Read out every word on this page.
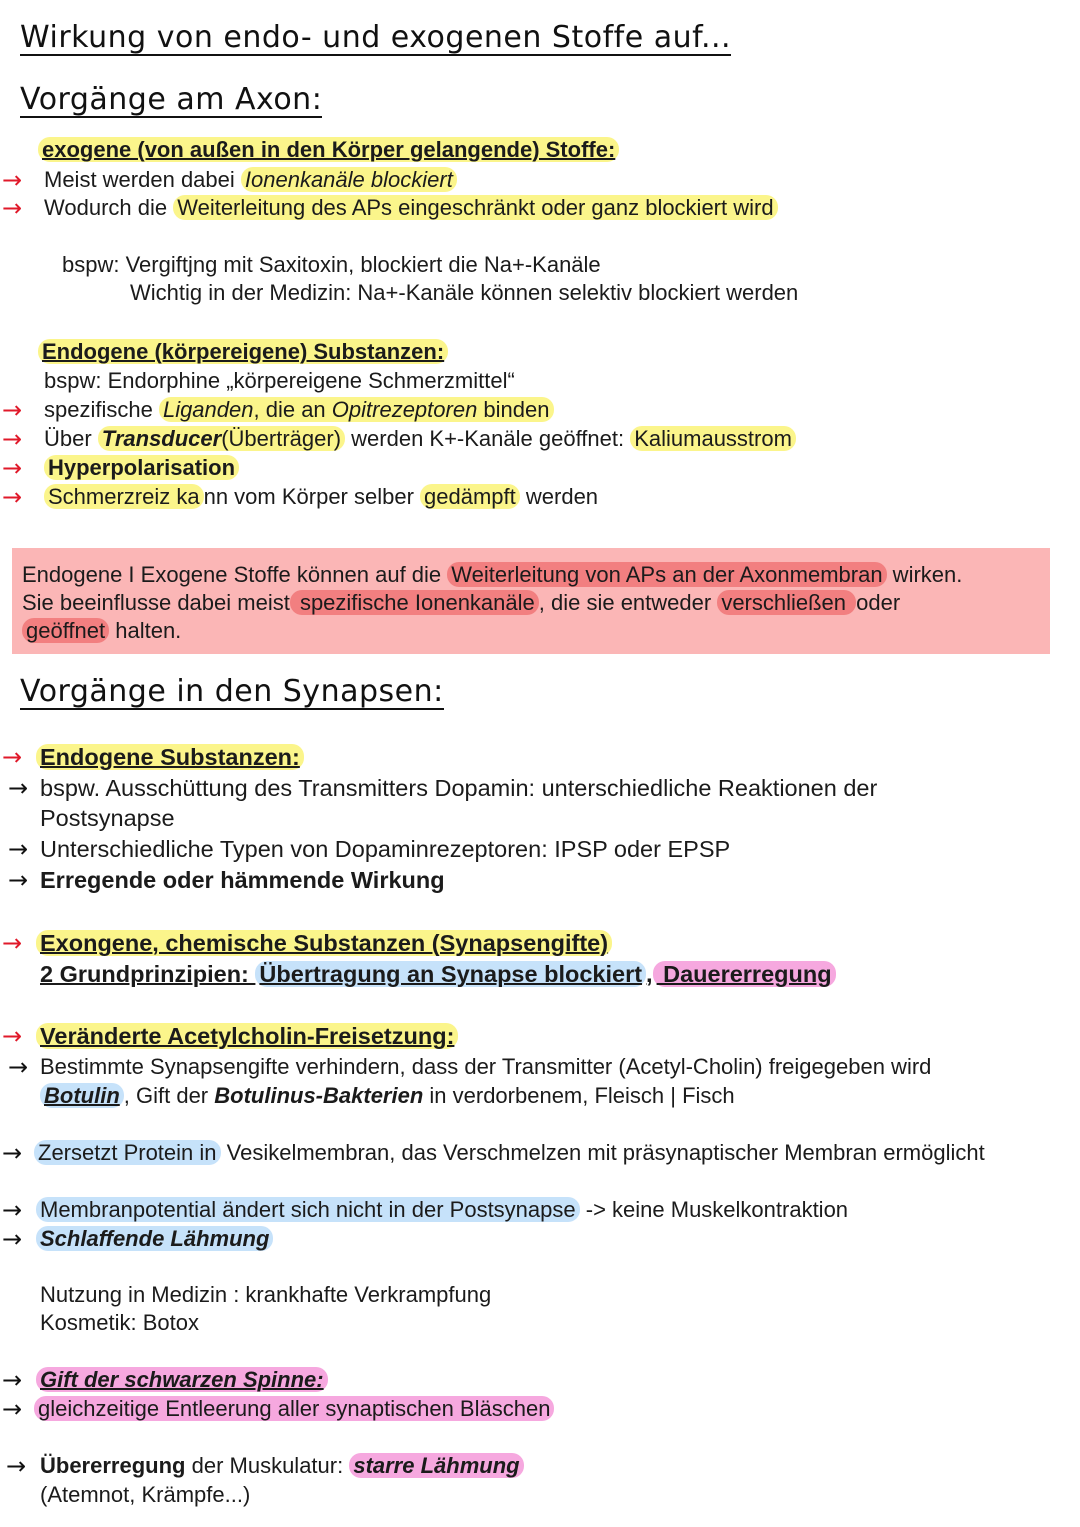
Wirkung von endo- und exogenen Stoffe auf...
Vorgänge am Axon:
exogene (von außen in den Körper gelangende) Stoffe:
→ Meist werden dabei Ionenkanäle blockiert
→ Wodurch die Weiterleitung des APs eingeschränkt oder ganz blockiert wird
bspw: Vergiftjng mit Saxitoxin, blockiert die Na+-Kanäle
Wichtig in der Medizin: Na+-Kanäle können selektiv blockiert werden
Endogene (körpereigene) Substanzen:
bspw: Endorphine „körpereigene Schmerzmittel“
→ spezifische Liganden, die an Opitrezeptoren binden
→ Über Transducer(Überträger) werden K+-Kanäle geöffnet: Kaliumausstrom
→ Hyperpolarisation
→ Schmerzreiz ka nn vom Körper selber gedämpft werden
Endogene I Exogene Stoffe können auf die Weiterleitung von APs an der Axonmembran wirken.
Sie beeinflusse dabei meist spezifische Ionenkanäle , die sie entweder verschließen oder
geöffnet halten.
Vorgänge in den Synapsen:
→ Endogene Substanzen:
→ bspw. Ausschüttung des Transmitters Dopamin: unterschiedliche Reaktionen der
Postsynapse
→ Unterschiedliche Typen von Dopaminrezeptoren: IPSP oder EPSP
→ Erregende oder hämmende Wirkung
→ Exongene, chemische Substanzen (Synapsengifte)
2 Grundprinzipien: Übertragung an Synapse blockiert , Dauererregung
→ Veränderte Acetylcholin-Freisetzung:
→ Bestimmte Synapsengifte verhindern, dass der Transmitter (Acetyl-Cholin) freigegeben wird
Botulin , Gift der Botulinus-Bakterien in verdorbenem, Fleisch | Fisch
→ Zersetzt Protein in Vesikelmembran, das Verschmelzen mit präsynaptischer Membran ermöglicht
→ Membranpotential ändert sich nicht in der Postsynapse -> keine Muskelkontraktion
→ Schlaffende Lähmung
Nutzung in Medizin : krankhafte Verkrampfung
Kosmetik: Botox
→ Gift der schwarzen Spinne:
→ gleichzeitige Entleerung aller synaptischen Bläschen
→ Übererregung der Muskulatur: starre Lähmung
(Atemnot, Krämpfe...)
